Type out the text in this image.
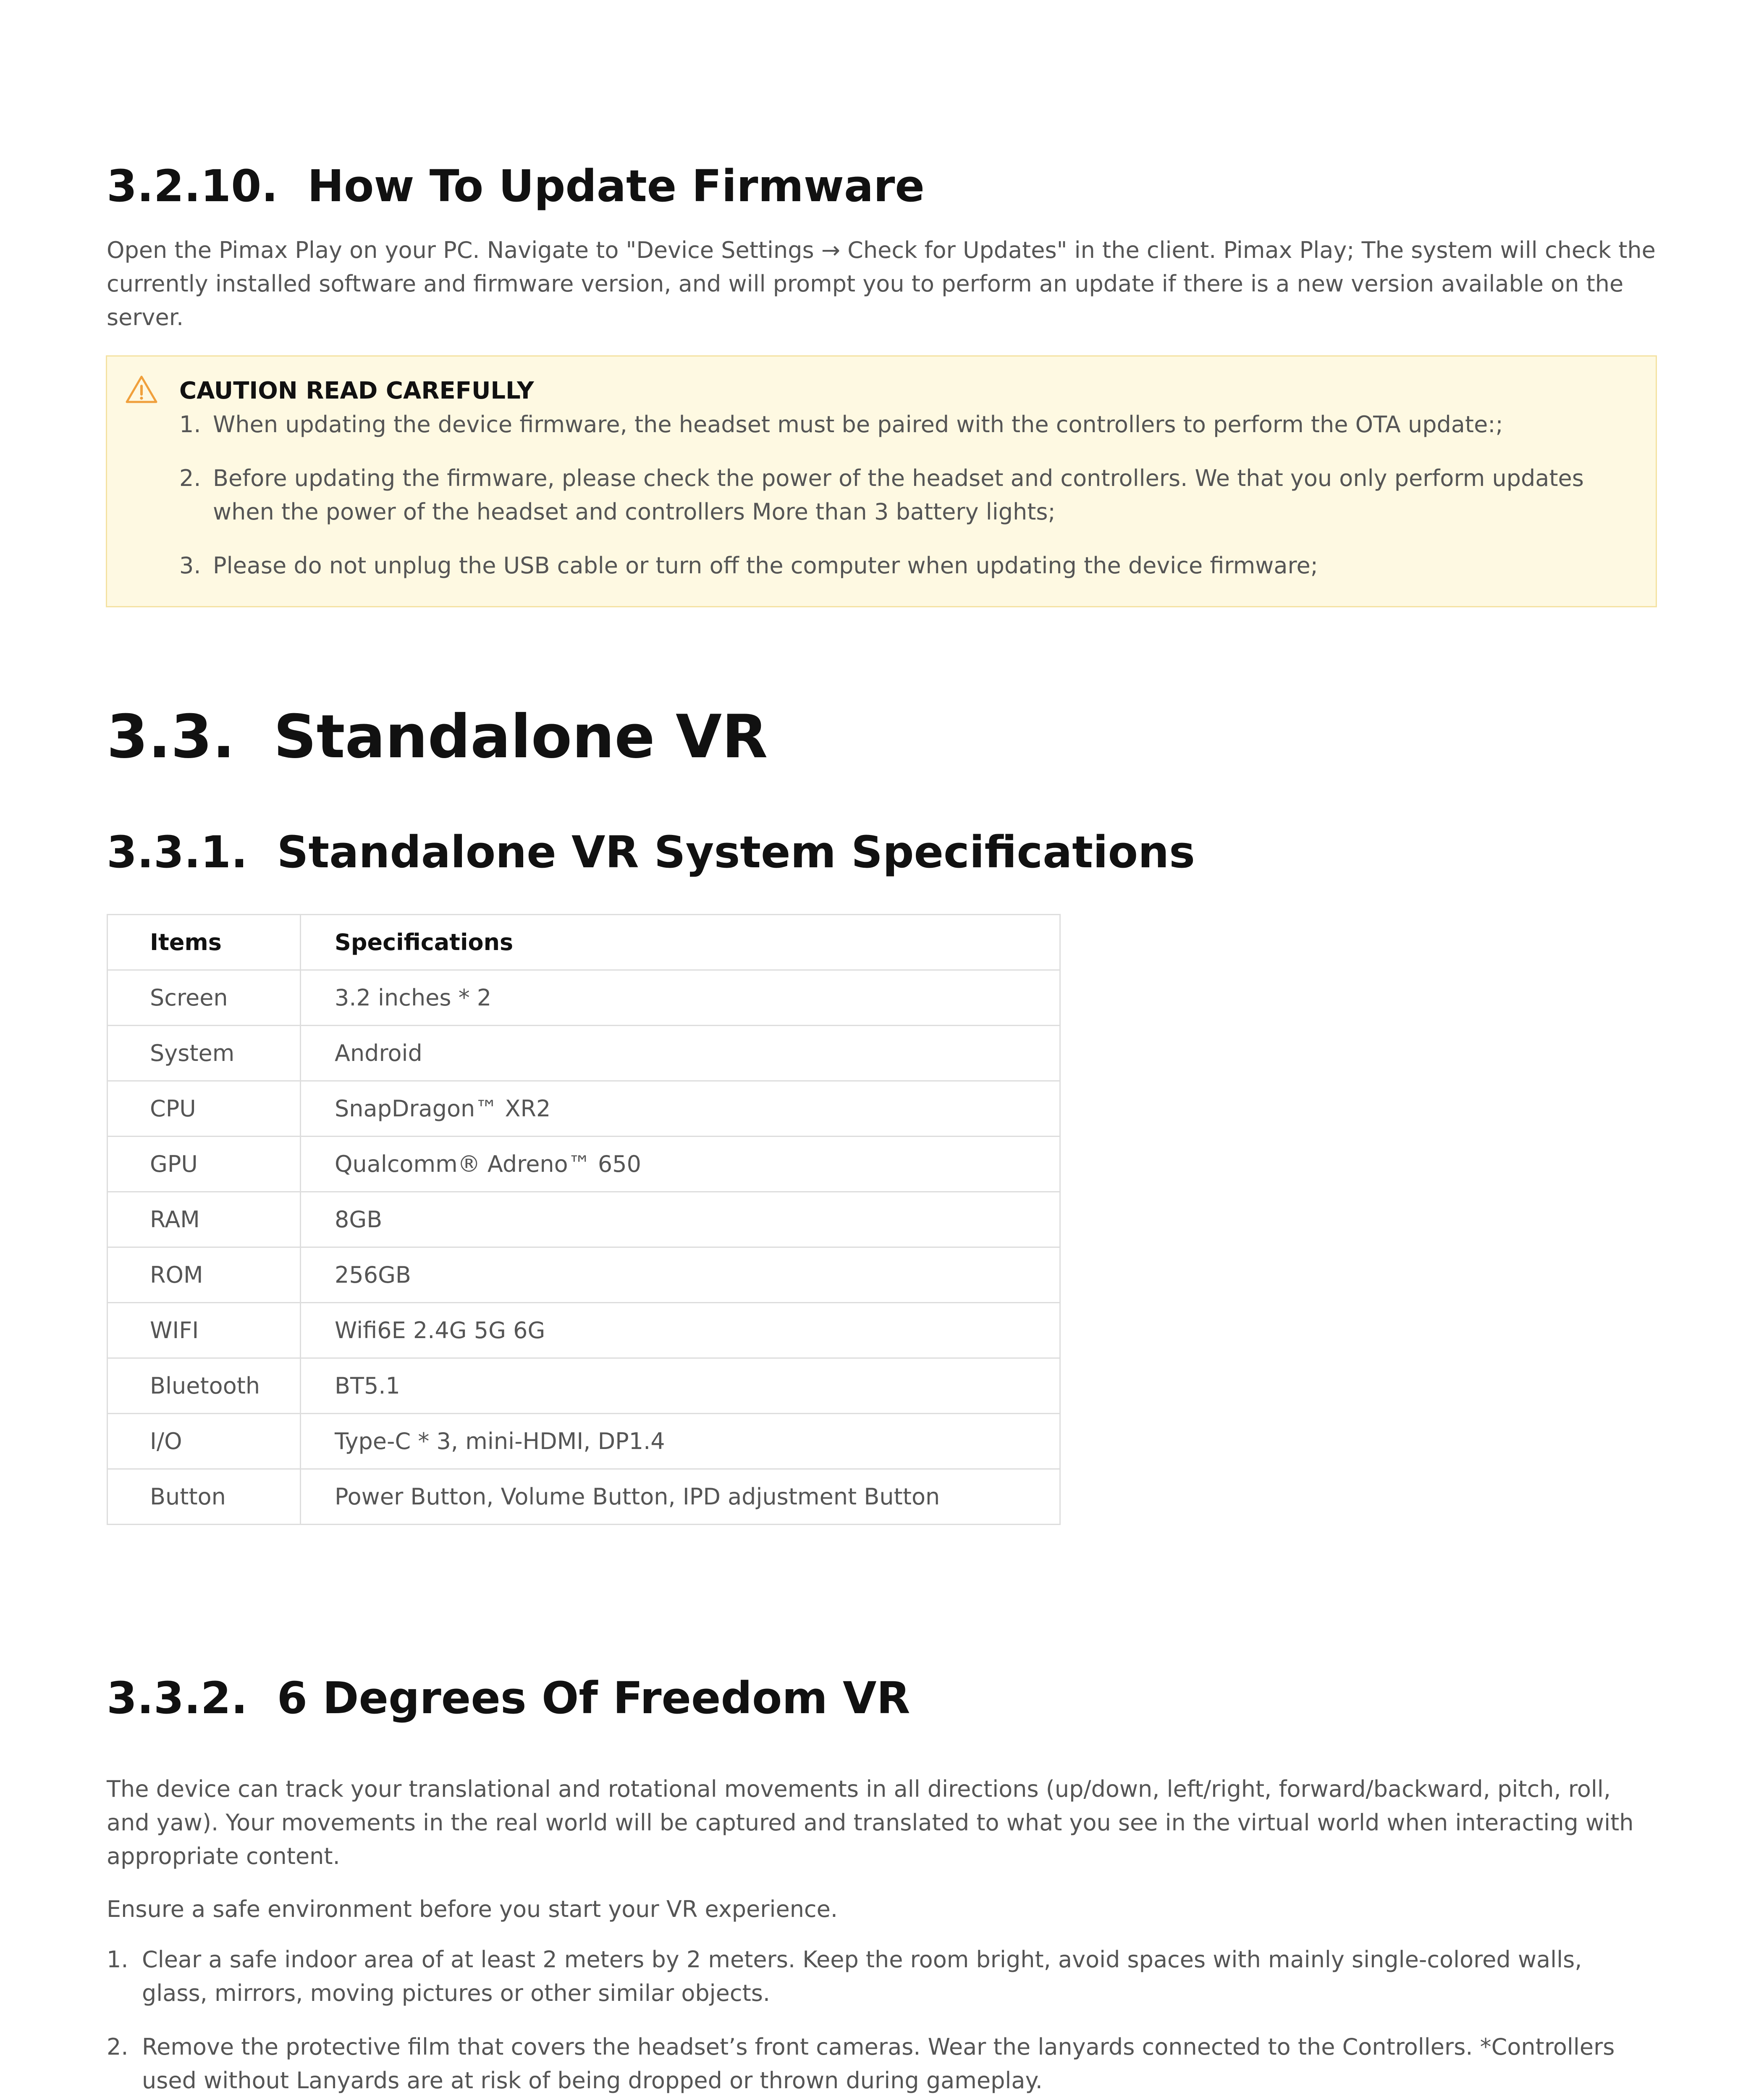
3.2.10. How To Update Firmware

Open the Pimax Play on your PC. Navigate to "Device Settings → Check for Updates" in the client. Pimax Play; The system will check the currently installed software and firmware version, and will prompt you to perform an update if there is a new version available on the server.

CAUTION READ CAREFULLY

1. When updating the device firmware, the headset must be paired with the controllers to perform the OTA update:;
2. Before updating the firmware, please check the power of the headset and controllers. We that you only perform updates when the power of the headset and controllers More than 3 battery lights;
3. Please do not unplug the USB cable or turn off the computer when updating the device firmware;
3.3. Standalone VR
3.3.1. Standalone VR System Specifications
Items	Specifications
Screen	3.2 inches * 2
System	Android
CPU	SnapDragon™ XR2
GPU	Qualcomm® Adreno™ 650
RAM	8GB
ROM	256GB
WIFI	Wifi6E 2.4G 5G 6G
Bluetooth	BT5.1
I/O	Type-C * 3, mini-HDMI, DP1.4
Button	Power Button, Volume Button, IPD adjustment Button
3.3.2. 6 Degrees Of Freedom VR

The device can track your translational and rotational movements in all directions (up/down, left/right, forward/backward, pitch, roll, and yaw). Your movements in the real world will be captured and translated to what you see in the virtual world when interacting with appropriate content.

Ensure a safe environment before you start your VR experience.

1. Clear a safe indoor area of at least 2 meters by 2 meters. Keep the room bright, avoid spaces with mainly single-colored walls, glass, mirrors, moving pictures or other similar objects.
2. Remove the protective film that covers the headset’s front cameras. Wear the lanyards connected to the Controllers. *Controllers used without Lanyards are at risk of being dropped or thrown during gameplay.
